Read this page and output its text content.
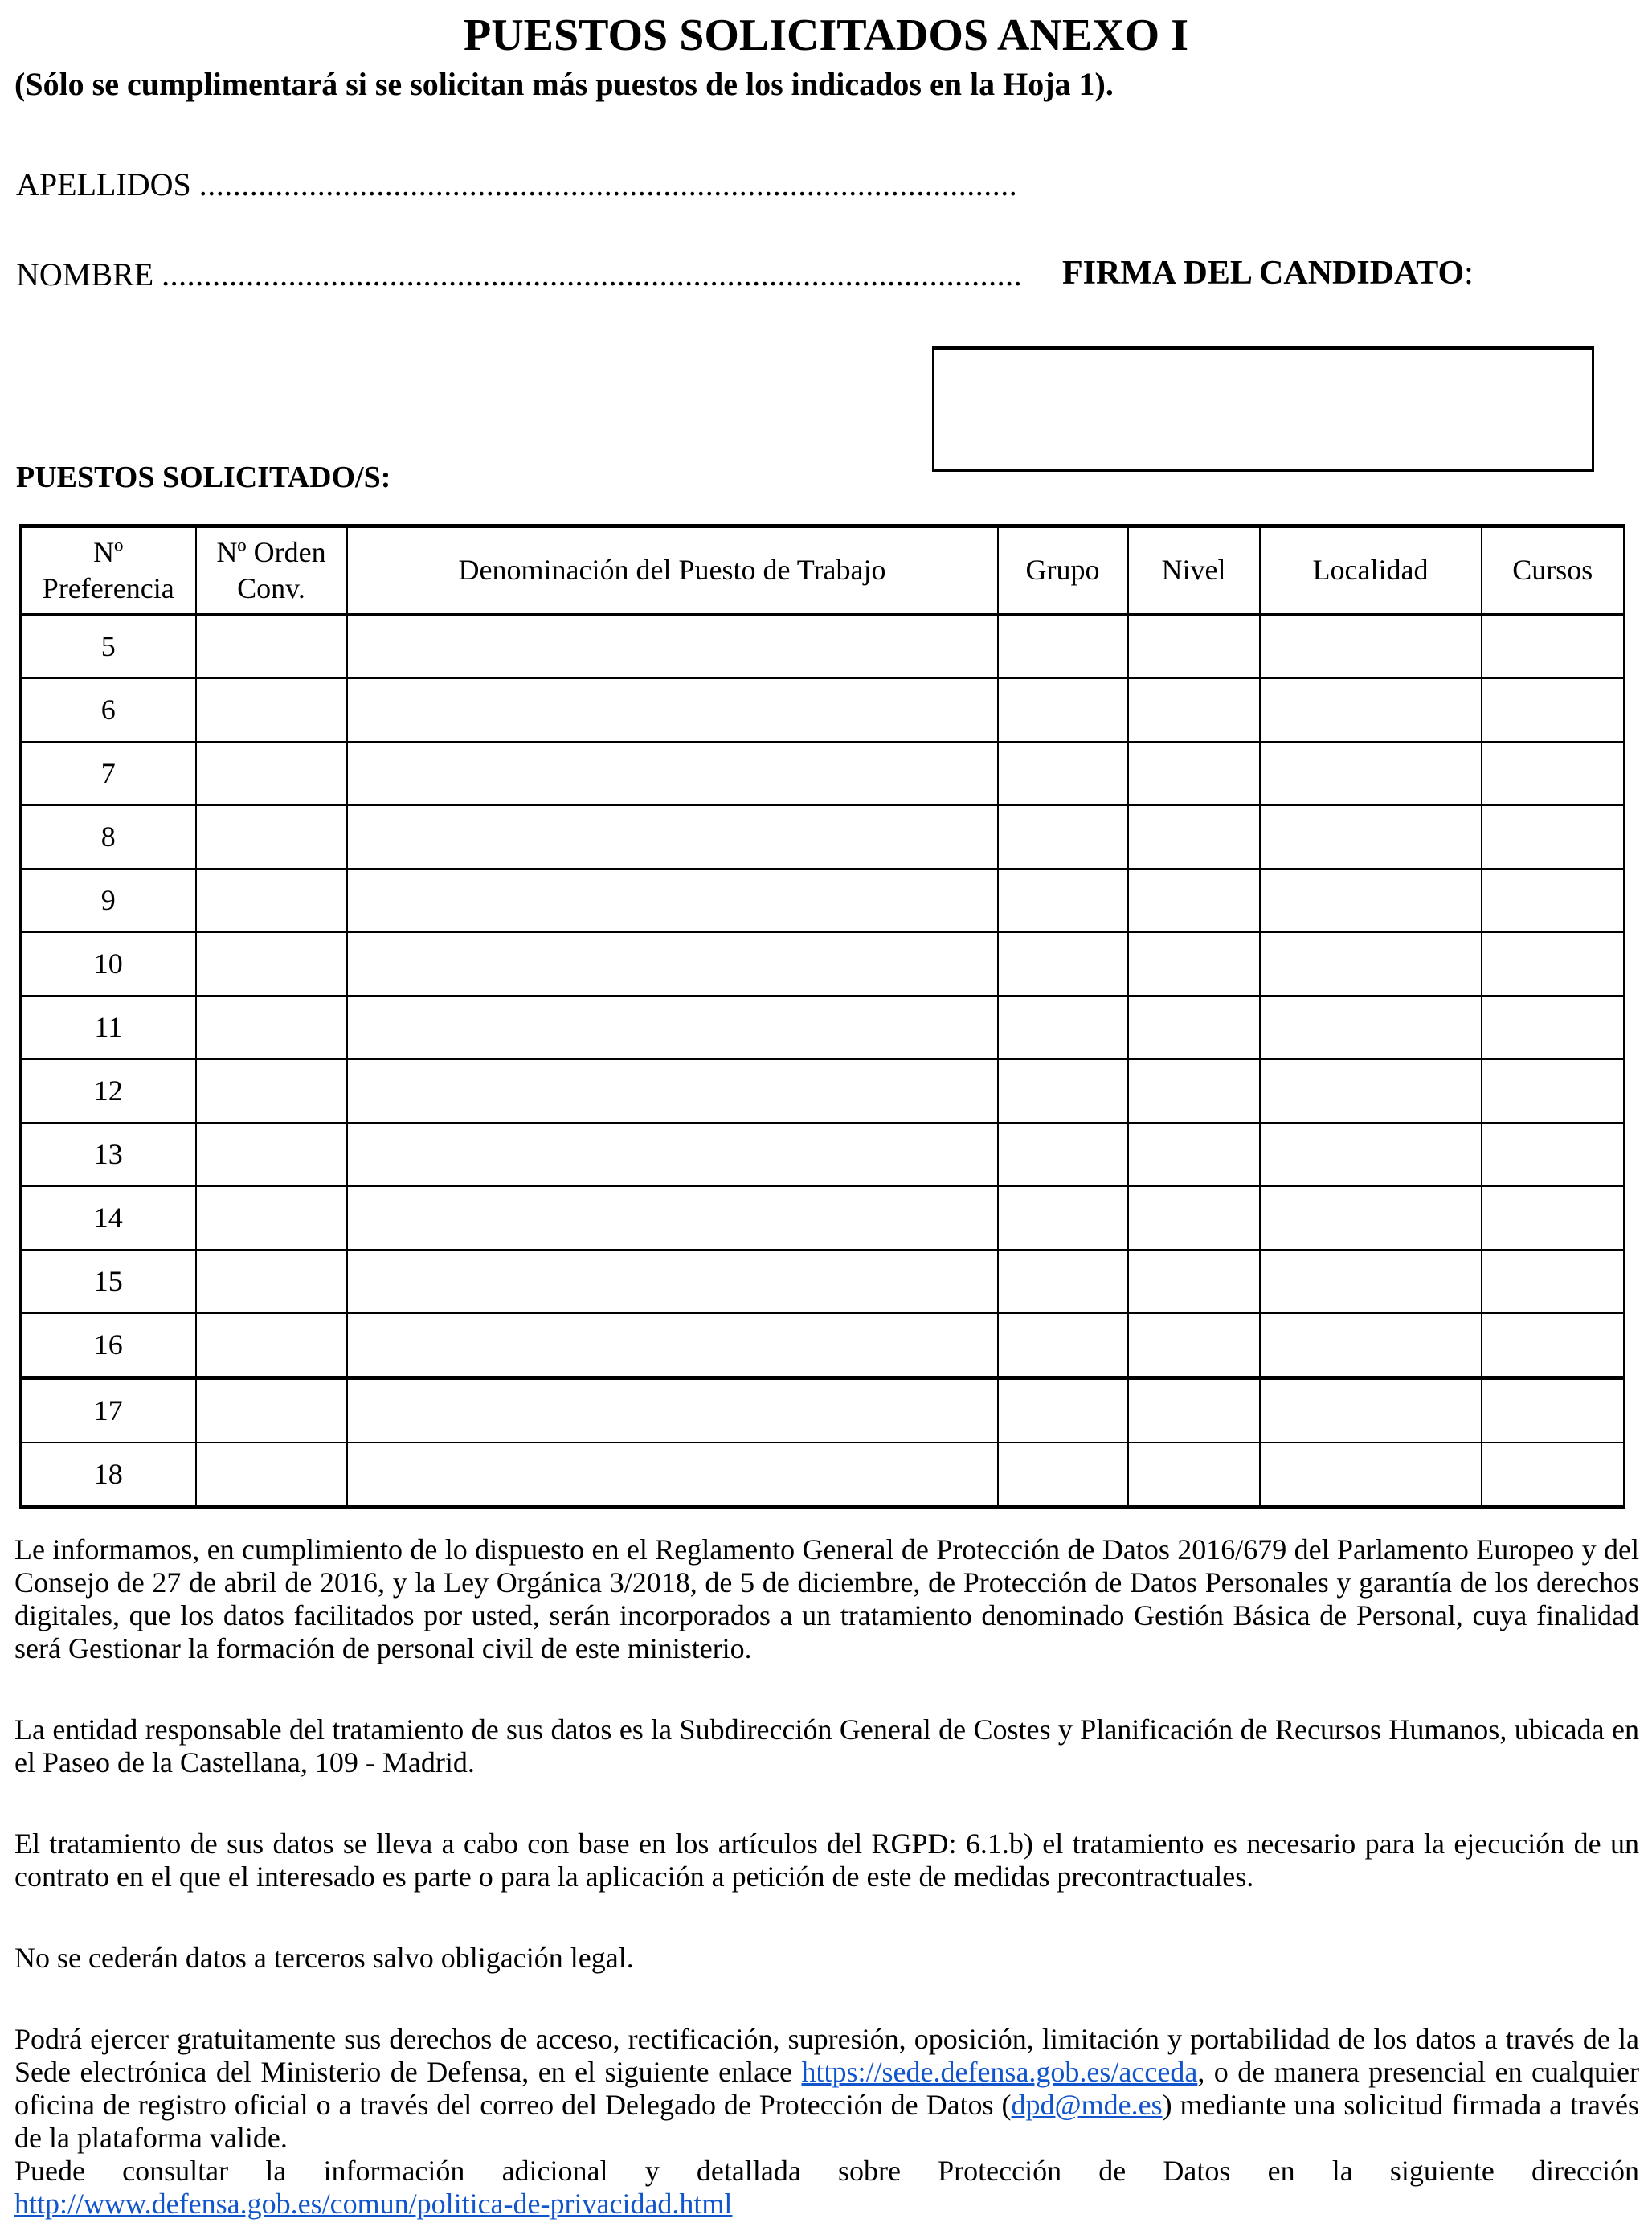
PUESTOS SOLICITADOS ANEXO I
(Sólo se cumplimentará si se solicitan más puestos de los indicados en la Hoja 1).
APELLIDOS .................................................................................................
NOMBRE ...................................................................................................... FIRMA DEL CANDIDATO:
PUESTOS SOLICITADO/S:
Nº Preferencia	Nº Orden Conv.	Denominación del Puesto de Trabajo	Grupo	Nivel	Localidad	Cursos
5						
6						
7						
8						
9						
10						
11						
12						
13						
14						
15						
16						
17						
18						

Le informamos, en cumplimiento de lo dispuesto en el Reglamento General de Protección de Datos 2016/679 del Parlamento Europeo y del Consejo de 27 de abril de 2016, y la Ley Orgánica 3/2018, de 5 de diciembre, de Protección de Datos Personales y garantía de los derechos digitales, que los datos facilitados por usted, serán incorporados a un tratamiento denominado Gestión Básica de Personal, cuya finalidad será Gestionar la formación de personal civil de este ministerio.

La entidad responsable del tratamiento de sus datos es la Subdirección General de Costes y Planificación de Recursos Humanos, ubicada en el Paseo de la Castellana, 109 - Madrid.

El tratamiento de sus datos se lleva a cabo con base en los artículos del RGPD: 6.1.b) el tratamiento es necesario para la ejecución de un contrato en el que el interesado es parte o para la aplicación a petición de este de medidas precontractuales.

No se cederán datos a terceros salvo obligación legal.

Podrá ejercer gratuitamente sus derechos de acceso, rectificación, supresión, oposición, limitación y portabilidad de los datos a través de la Sede electrónica del Ministerio de Defensa, en el siguiente enlace https://sede.defensa.gob.es/acceda, o de manera presencial en cualquier oficina de registro oficial o a través del correo del Delegado de Protección de Datos (dpd@mde.es) mediante una solicitud firmada a través de la plataforma valide.

Puede consultar la información adicional y detallada sobre Protección de Datos en la siguiente dirección http://www.defensa.gob.es/comun/politica-de-privacidad.html
